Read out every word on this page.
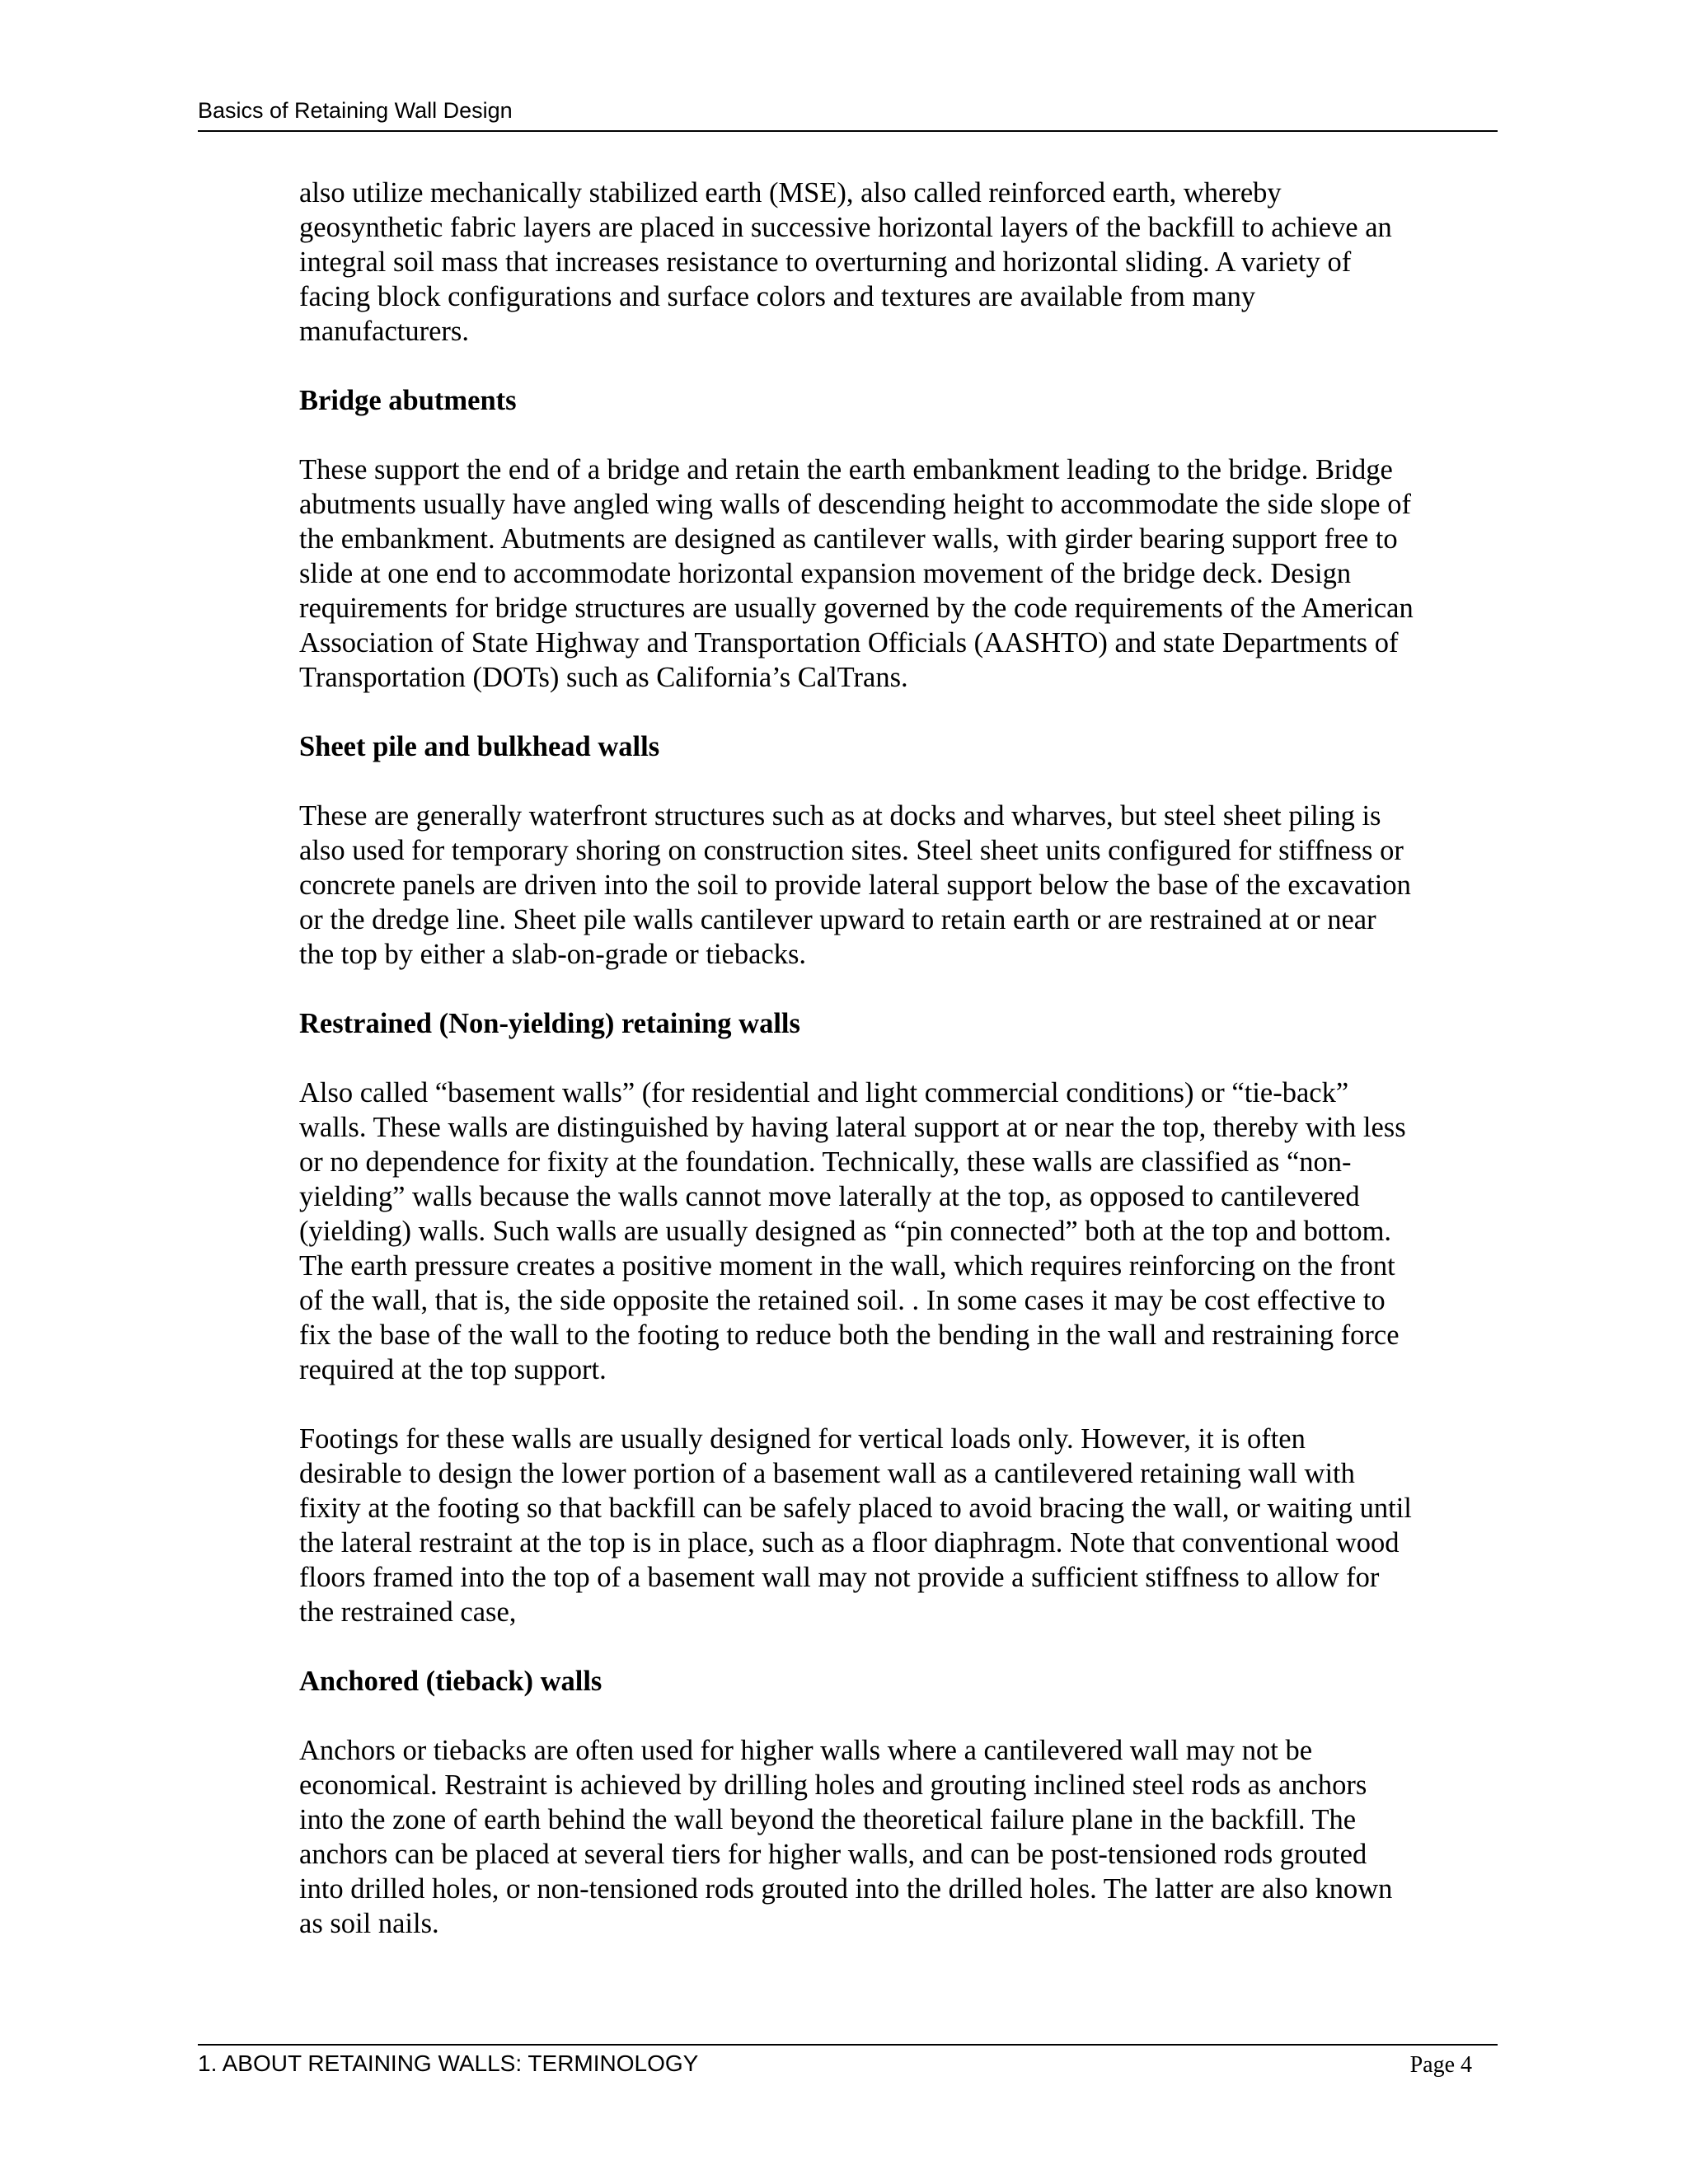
Basics of Retaining Wall Design

also utilize mechanically stabilized earth (MSE), also called reinforced earth, whereby
geosynthetic fabric layers are placed in successive horizontal layers of the backfill to achieve an
integral soil mass that increases resistance to overturning and horizontal sliding. A variety of
facing block configurations and surface colors and textures are available from many
manufacturers.

Bridge abutments

These support the end of a bridge and retain the earth embankment leading to the bridge. Bridge
abutments usually have angled wing walls of descending height to accommodate the side slope of
the embankment. Abutments are designed as cantilever walls, with girder bearing support free to
slide at one end to accommodate horizontal expansion movement of the bridge deck. Design
requirements for bridge structures are usually governed by the code requirements of the American
Association of State Highway and Transportation Officials (AASHTO) and state Departments of
Transportation (DOTs) such as California’s CalTrans.

Sheet pile and bulkhead walls

These are generally waterfront structures such as at docks and wharves, but steel sheet piling is
also used for temporary shoring on construction sites. Steel sheet units configured for stiffness or
concrete panels are driven into the soil to provide lateral support below the base of the excavation
or the dredge line. Sheet pile walls cantilever upward to retain earth or are restrained at or near
the top by either a slab-on-grade or tiebacks.

Restrained (Non-yielding) retaining walls

Also called “basement walls” (for residential and light commercial conditions) or “tie-back”
walls. These walls are distinguished by having lateral support at or near the top, thereby with less
or no dependence for fixity at the foundation. Technically, these walls are classified as “non-
yielding” walls because the walls cannot move laterally at the top, as opposed to cantilevered
(yielding) walls. Such walls are usually designed as “pin connected” both at the top and bottom.
The earth pressure creates a positive moment in the wall, which requires reinforcing on the front
of the wall, that is, the side opposite the retained soil. . In some cases it may be cost effective to
fix the base of the wall to the footing to reduce both the bending in the wall and restraining force
required at the top support.

Footings for these walls are usually designed for vertical loads only. However, it is often
desirable to design the lower portion of a basement wall as a cantilevered retaining wall with
fixity at the footing so that backfill can be safely placed to avoid bracing the wall, or waiting until
the lateral restraint at the top is in place, such as a floor diaphragm. Note that conventional wood
floors framed into the top of a basement wall may not provide a sufficient stiffness to allow for
the restrained case,

Anchored (tieback) walls

Anchors or tiebacks are often used for higher walls where a cantilevered wall may not be
economical. Restraint is achieved by drilling holes and grouting inclined steel rods as anchors
into the zone of earth behind the wall beyond the theoretical failure plane in the backfill. The
anchors can be placed at several tiers for higher walls, and can be post-tensioned rods grouted
into drilled holes, or non-tensioned rods grouted into the drilled holes. The latter are also known
as soil nails.

1. ABOUT RETAINING WALLS: TERMINOLOGY	Page 4
